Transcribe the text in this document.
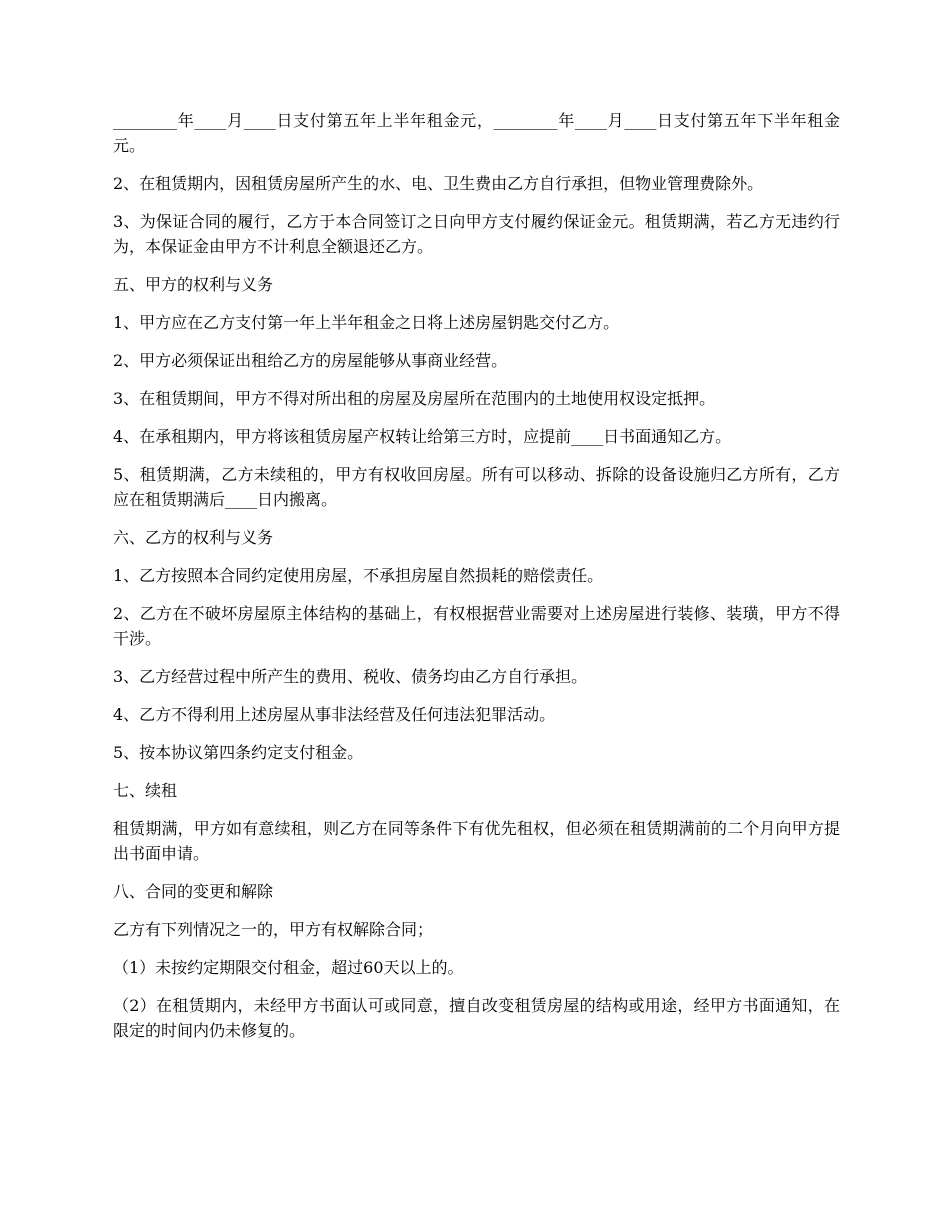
________年____月____日支付第五年上半年租金元，________年____月____日支付第五年下半年租金元。

2、在租赁期内，因租赁房屋所产生的水、电、卫生费由乙方自行承担，但物业管理费除外。

3、为保证合同的履行，乙方于本合同签订之日向甲方支付履约保证金元。租赁期满，若乙方无违约行为，本保证金由甲方不计利息全额退还乙方。

五、甲方的权利与义务

1、甲方应在乙方支付第一年上半年租金之日将上述房屋钥匙交付乙方。

2、甲方必须保证出租给乙方的房屋能够从事商业经营。

3、在租赁期间，甲方不得对所出租的房屋及房屋所在范围内的土地使用权设定抵押。

4、在承租期内，甲方将该租赁房屋产权转让给第三方时，应提前____日书面通知乙方。

5、租赁期满，乙方未续租的，甲方有权收回房屋。所有可以移动、拆除的设备设施归乙方所有，乙方应在租赁期满后____日内搬离。

六、乙方的权利与义务

1、乙方按照本合同约定使用房屋，不承担房屋自然损耗的赔偿责任。

2、乙方在不破坏房屋原主体结构的基础上，有权根据营业需要对上述房屋进行装修、装璜，甲方不得干涉。

3、乙方经营过程中所产生的费用、税收、债务均由乙方自行承担。

4、乙方不得利用上述房屋从事非法经营及任何违法犯罪活动。

5、按本协议第四条约定支付租金。

七、续租

租赁期满，甲方如有意续租，则乙方在同等条件下有优先租权，但必须在租赁期满前的二个月向甲方提出书面申请。

八、合同的变更和解除

乙方有下列情况之一的，甲方有权解除合同；

（1）未按约定期限交付租金，超过60天以上的。

（2）在租赁期内，未经甲方书面认可或同意，擅自改变租赁房屋的结构或用途，经甲方书面通知，在限定的时间内仍未修复的。
